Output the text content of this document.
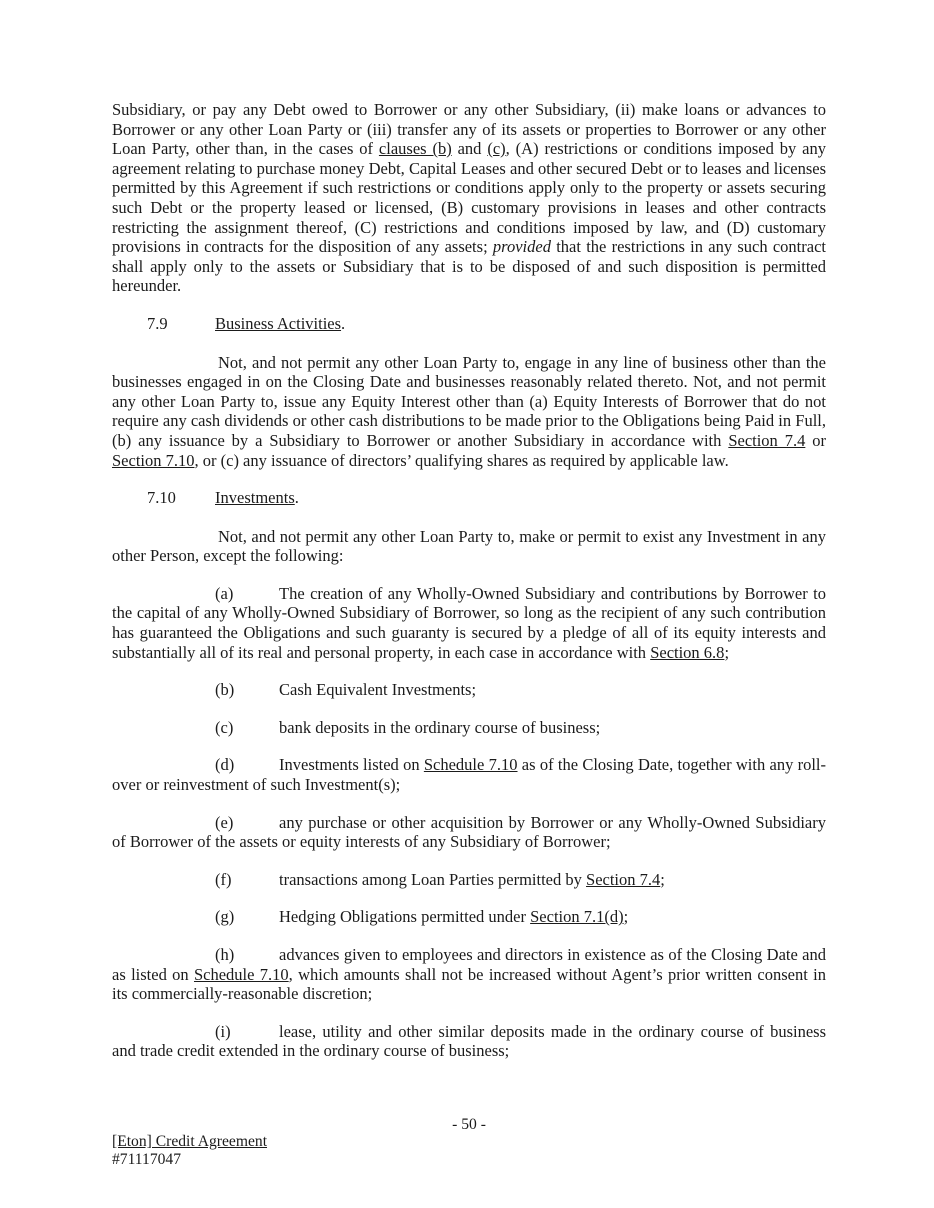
Subsidiary, or pay any Debt owed to Borrower or any other Subsidiary, (ii) make loans or advances to Borrower or any other Loan Party or (iii) transfer any of its assets or properties to Borrower or any other Loan Party, other than, in the cases of clauses (b) and (c), (A) restrictions or conditions imposed by any agreement relating to purchase money Debt, Capital Leases and other secured Debt or to leases and licenses permitted by this Agreement if such restrictions or conditions apply only to the property or assets securing such Debt or the property leased or licensed, (B) customary provisions in leases and other contracts restricting the assignment thereof, (C) restrictions and conditions imposed by law, and (D) customary provisions in contracts for the disposition of any assets; provided that the restrictions in any such contract shall apply only to the assets or Subsidiary that is to be disposed of and such disposition is permitted hereunder.

7.9	Business Activities.

Not, and not permit any other Loan Party to, engage in any line of business other than the businesses engaged in on the Closing Date and businesses reasonably related thereto. Not, and not permit any other Loan Party to, issue any Equity Interest other than (a) Equity Interests of Borrower that do not require any cash dividends or other cash distributions to be made prior to the Obligations being Paid in Full, (b) any issuance by a Subsidiary to Borrower or another Subsidiary in accordance with Section 7.4 or Section 7.10, or (c) any issuance of directors’ qualifying shares as required by applicable law.

7.10 Investments.

Not, and not permit any other Loan Party to, make or permit to exist any Investment in any other Person, except the following:

(a)	The creation of any Wholly-Owned Subsidiary and contributions by Borrower to the capital of any Wholly-Owned Subsidiary of Borrower, so long as the recipient of any such contribution has guaranteed the Obligations and such guaranty is secured by a pledge of all of its equity interests and substantially all of its real and personal property, in each case in accordance with Section 6.8;

(b)	Cash Equivalent Investments;

(c)	bank deposits in the ordinary course of business;

(d)	Investments listed on Schedule 7.10 as of the Closing Date, together with any roll-over or reinvestment of such Investment(s);

(e)	any purchase or other acquisition by Borrower or any Wholly-Owned Subsidiary of Borrower of the assets or equity interests of any Subsidiary of Borrower;

(f)	transactions among Loan Parties permitted by Section 7.4;

(g)	Hedging Obligations permitted under Section 7.1(d);

(h)	advances given to employees and directors in existence as of the Closing Date and as listed on Schedule 7.10, which amounts shall not be increased without Agent’s prior written consent in its commercially-reasonable discretion;

(i)	lease, utility and other similar deposits made in the ordinary course of business and trade credit extended in the ordinary course of business;

- 50 -
[Eton] Credit Agreement
#71117047
